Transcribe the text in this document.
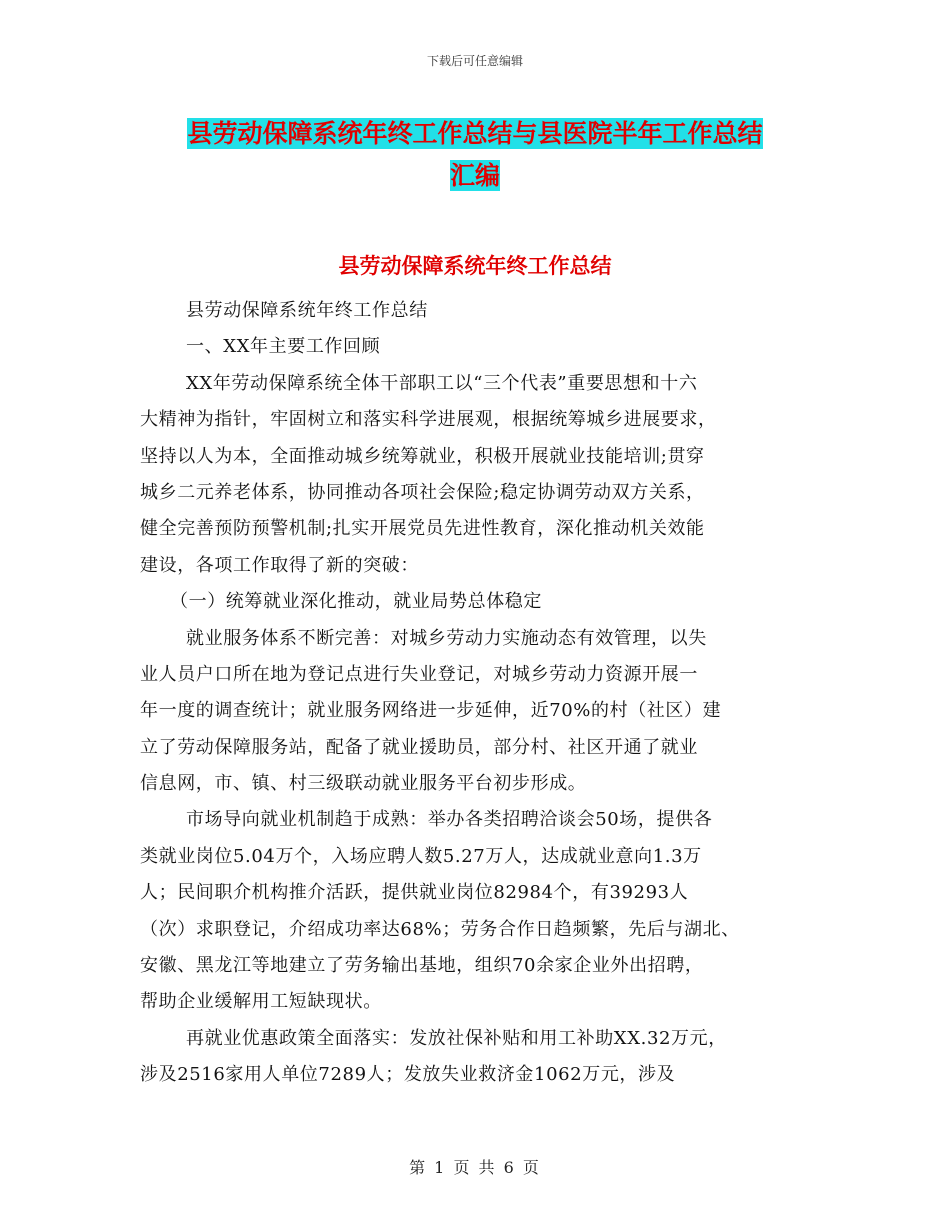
下载后可任意编辑
县劳动保障系统年终工作总结与县医院半年工作总结
汇编
县劳动保障系统年终工作总结
县劳动保障系统年终工作总结
一、XX年主要工作回顾
XX年劳动保障系统全体干部职工以“三个代表”重要思想和十六
大精神为指针，牢固树立和落实科学进展观，根据统筹城乡进展要求，
坚持以人为本，全面推动城乡统筹就业，积极开展就业技能培训;贯穿
城乡二元养老体系，协同推动各项社会保险;稳定协调劳动双方关系，
健全完善预防预警机制;扎实开展党员先进性教育，深化推动机关效能
建设，各项工作取得了新的突破：
（一）统筹就业深化推动，就业局势总体稳定
就业服务体系不断完善：对城乡劳动力实施动态有效管理，以失
业人员户口所在地为登记点进行失业登记，对城乡劳动力资源开展一
年一度的调查统计；就业服务网络进一步延伸，近70%的村（社区）建
立了劳动保障服务站，配备了就业援助员，部分村、社区开通了就业
信息网，市、镇、村三级联动就业服务平台初步形成。
市场导向就业机制趋于成熟：举办各类招聘洽谈会50场，提供各
类就业岗位5.04万个，入场应聘人数5.27万人，达成就业意向1.3万
人；民间职介机构推介活跃，提供就业岗位82984个，有39293人
（次）求职登记，介绍成功率达68%；劳务合作日趋频繁，先后与湖北、
安徽、黑龙江等地建立了劳务输出基地，组织70余家企业外出招聘，
帮助企业缓解用工短缺现状。
再就业优惠政策全面落实：发放社保补贴和用工补助XX.32万元，
涉及2516家用人单位7289人；发放失业救济金1062万元，涉及
第 1 页 共 6 页
